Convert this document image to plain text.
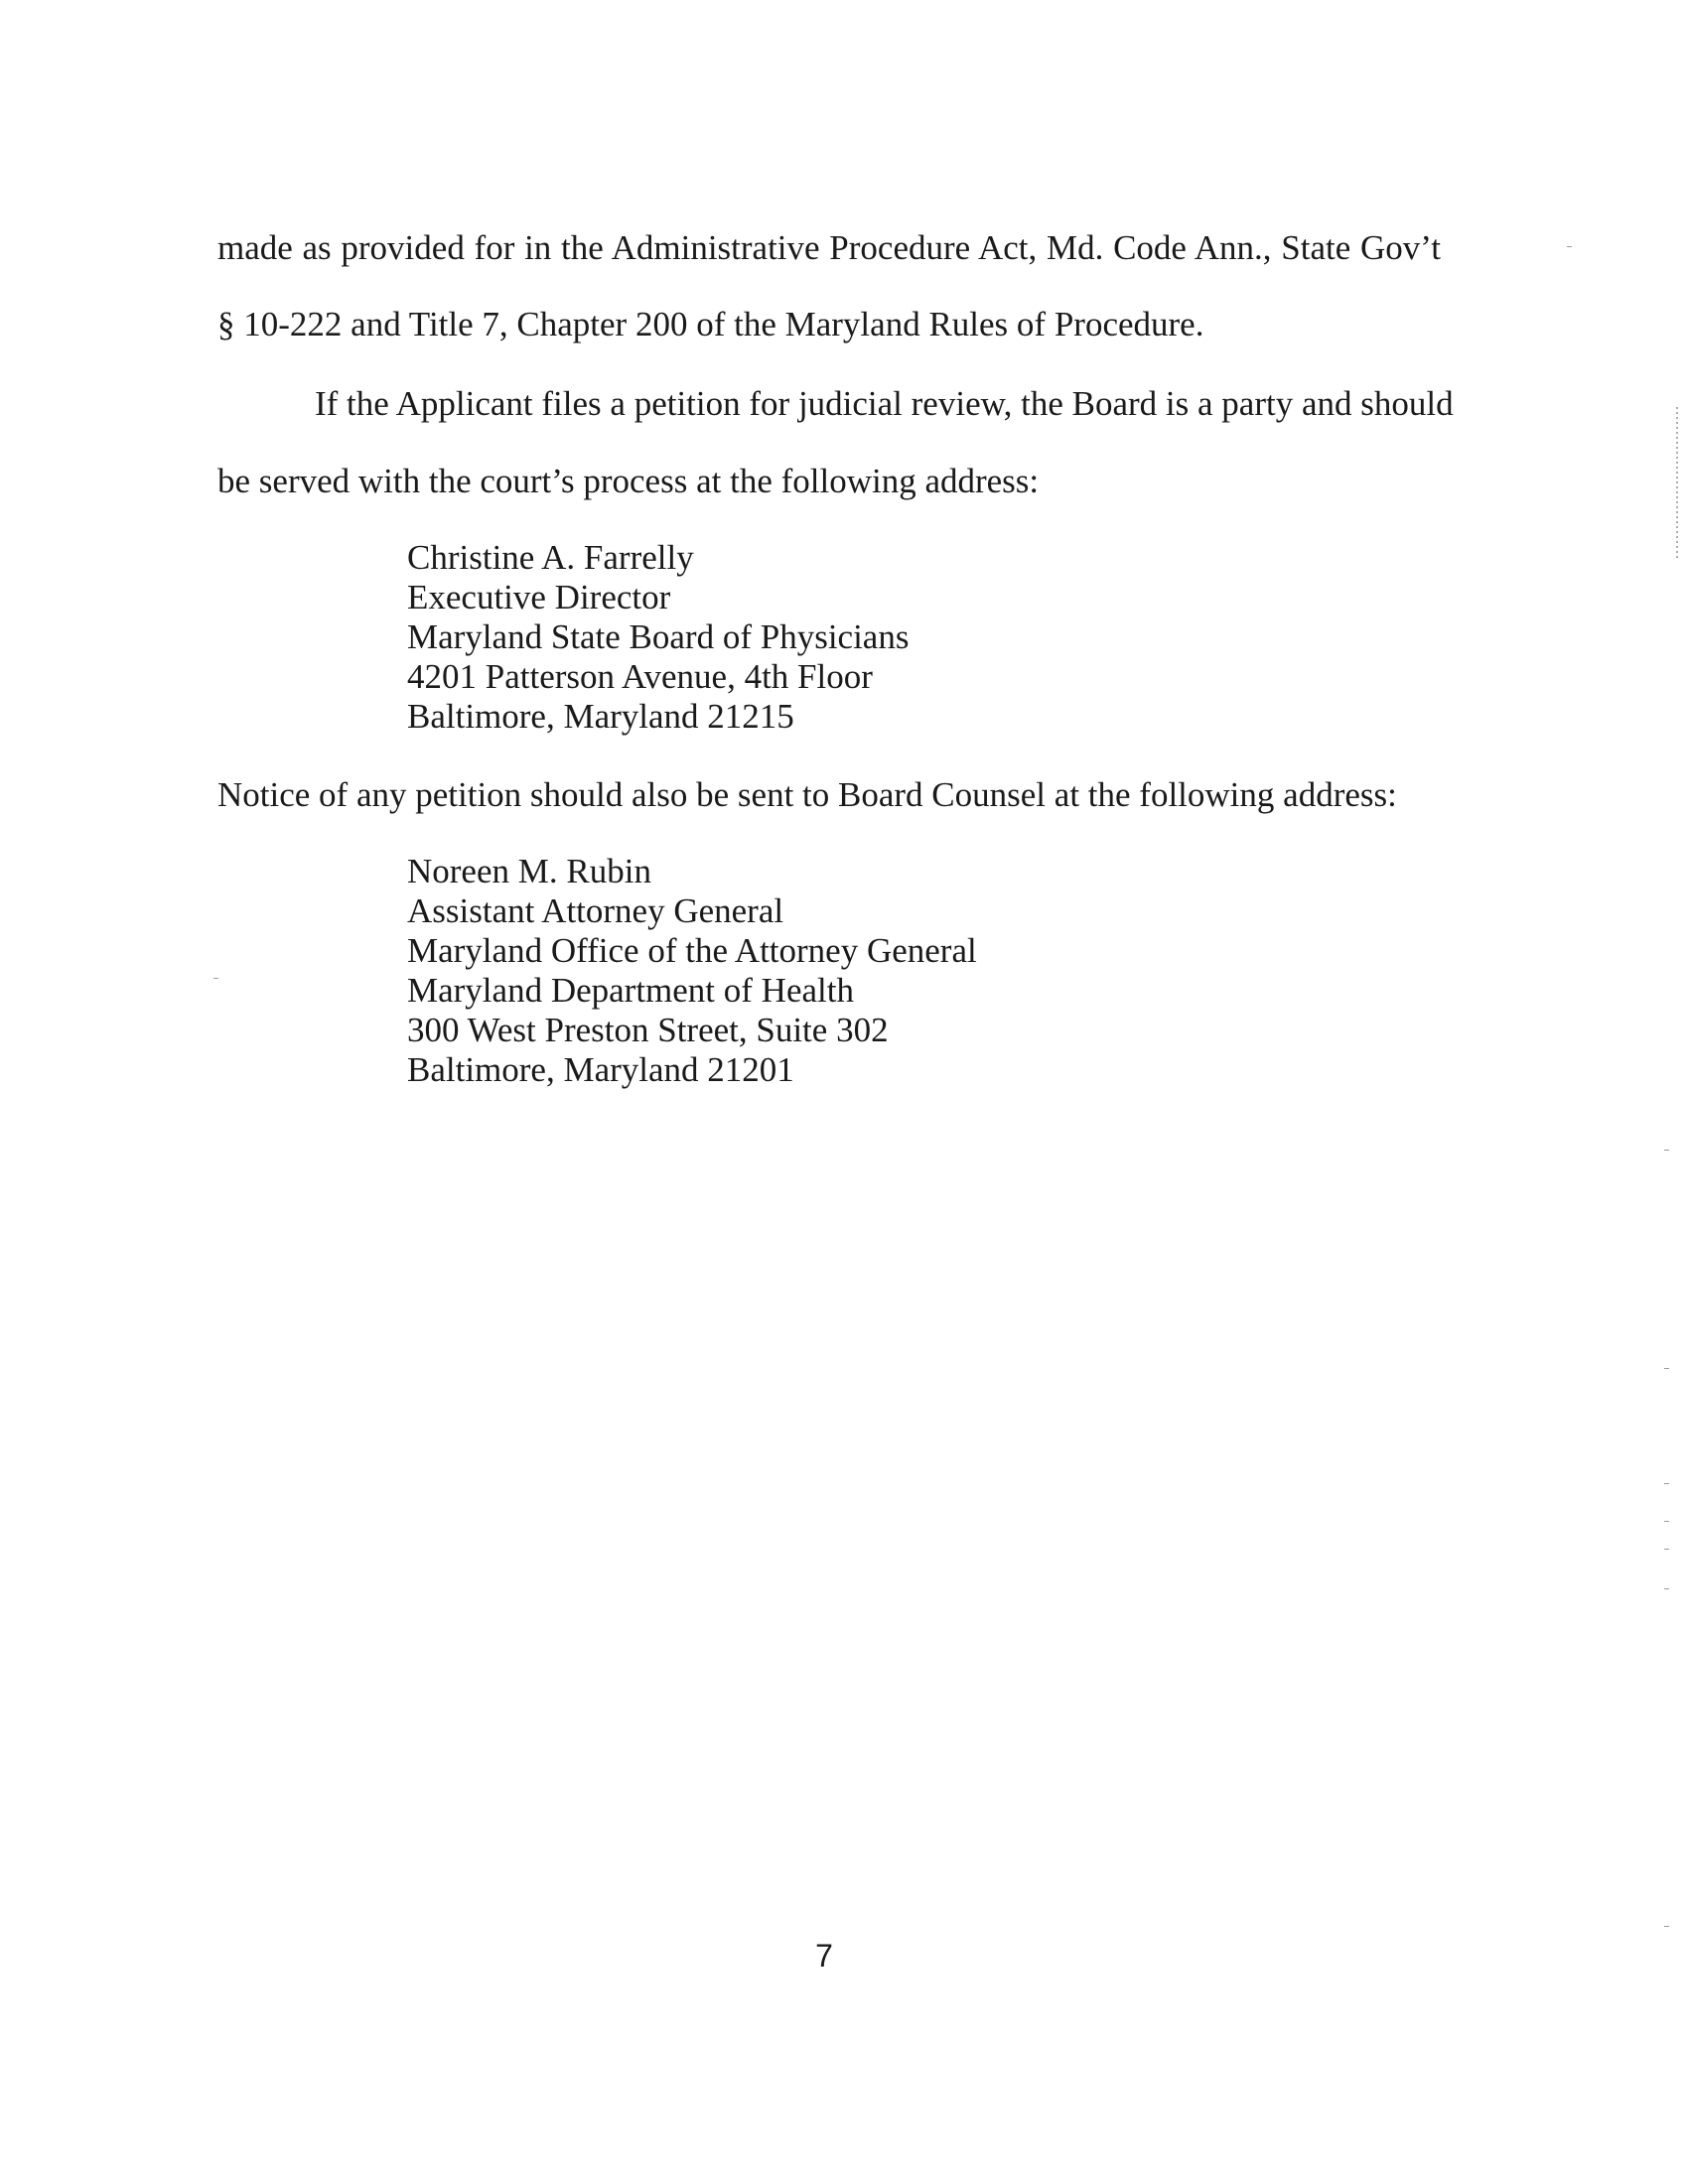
made as provided for in the Administrative Procedure Act, Md. Code Ann., State Gov’t

§ 10-222 and Title 7, Chapter 200 of the Maryland Rules of Procedure.

If the Applicant files a petition for judicial review, the Board is a party and should

be served with the court’s process at the following address:

Christine A. Farrelly
Executive Director
Maryland State Board of Physicians
4201 Patterson Avenue, 4th Floor
Baltimore, Maryland 21215

Notice of any petition should also be sent to Board Counsel at the following address:

Noreen M. Rubin
Assistant Attorney General
Maryland Office of the Attorney General
Maryland Department of Health
300 West Preston Street, Suite 302
Baltimore, Maryland 21201
7
